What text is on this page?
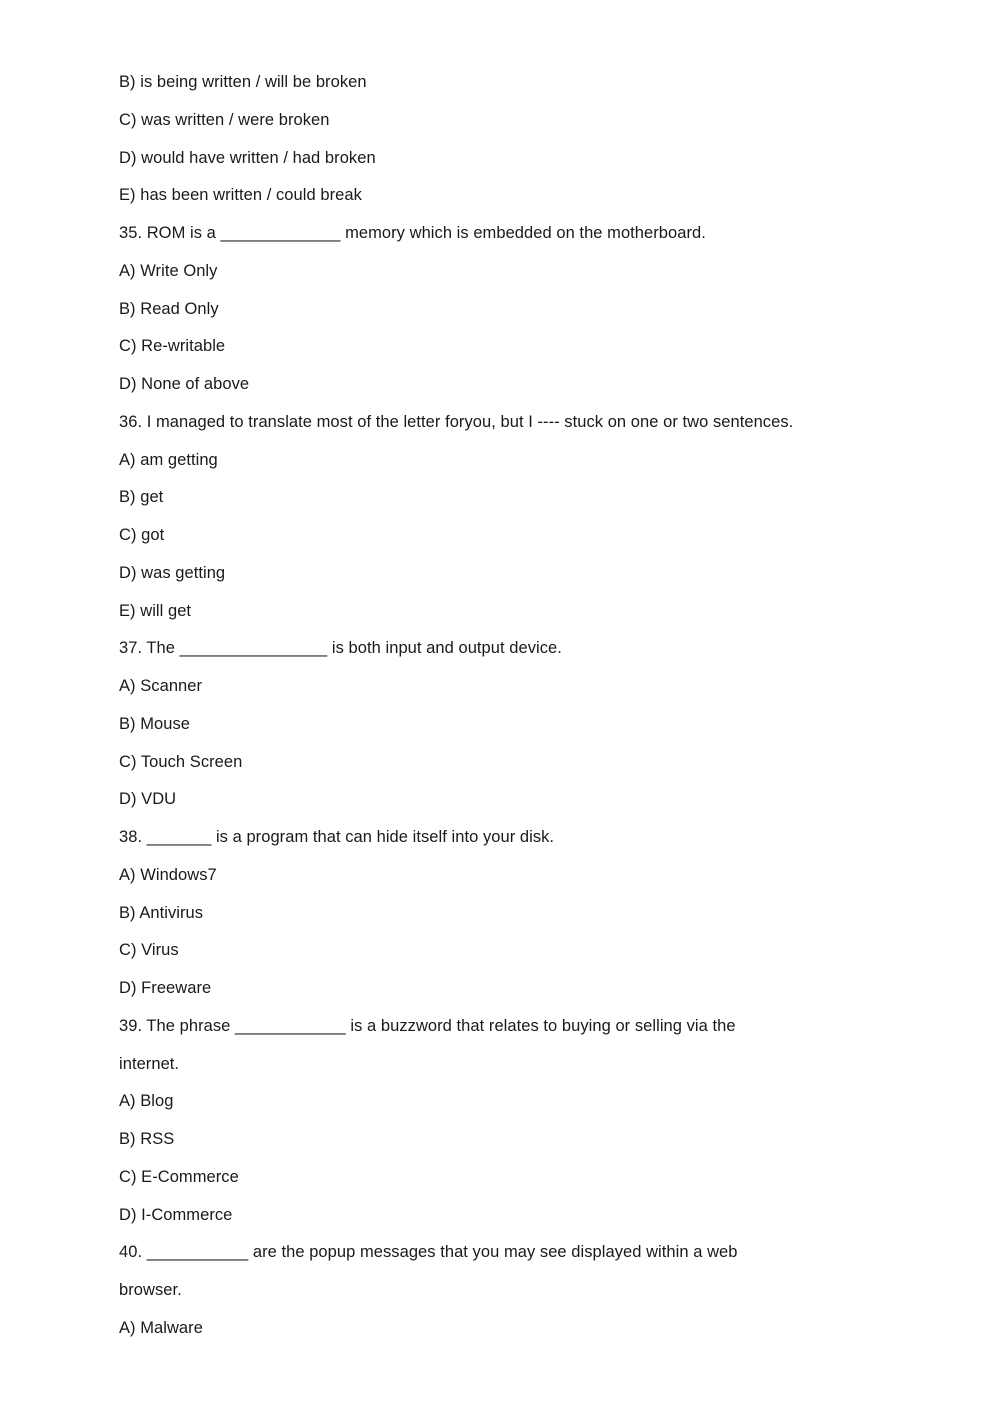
B) is being written / will be broken
C) was written / were broken
D) would have written / had broken
E) has been written / could break
35. ROM is a _____________ memory which is embedded on the motherboard.
A) Write Only
B) Read Only
C) Re-writable
D) None of above
36. I managed to translate most of the letter foryou, but I ---- stuck on one or two sentences.
A) am getting
B) get
C) got
D) was getting
E) will get
37. The ________________ is both input and output device.
A) Scanner
B) Mouse
C) Touch Screen
D) VDU
38. _______ is a program that can hide itself into your disk.
A) Windows7
B) Antivirus
C) Virus
D) Freeware
39. The phrase ____________ is a buzzword that relates to buying or selling via the
internet.
A) Blog
B) RSS
C) E-Commerce
D) I-Commerce
40. ___________ are the popup messages that you may see displayed within a web
browser.
A) Malware
